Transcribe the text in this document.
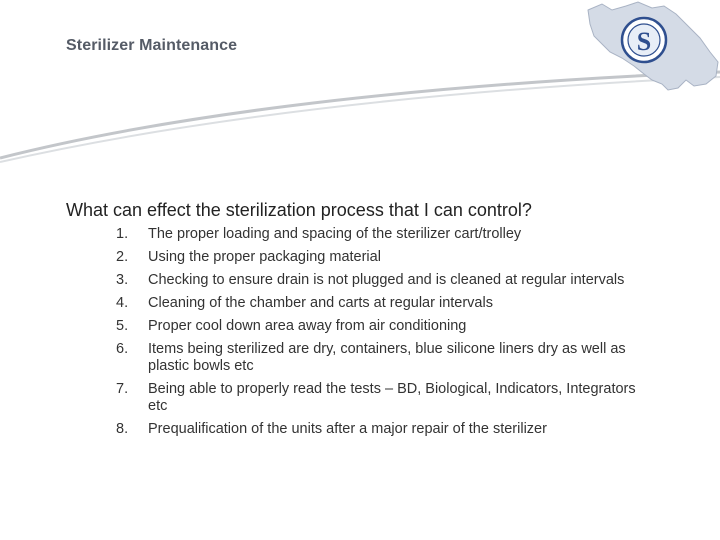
Sterilizer Maintenance	S
What can effect the sterilization process that I can control?
1.	The proper loading and spacing of the sterilizer cart/trolley
2.	Using the proper packaging material
3.	Checking to ensure drain is not plugged and is cleaned at regular intervals
4.	Cleaning of the chamber and carts at regular intervals
5.	Proper cool down area away from air conditioning
6.	Items being sterilized are dry, containers, blue silicone liners dry as well as plastic bowls etc
7.	Being able to properly read the tests – BD, Biological, Indicators, Integrators etc
8.	Prequalification of the units after a major repair of the sterilizer
